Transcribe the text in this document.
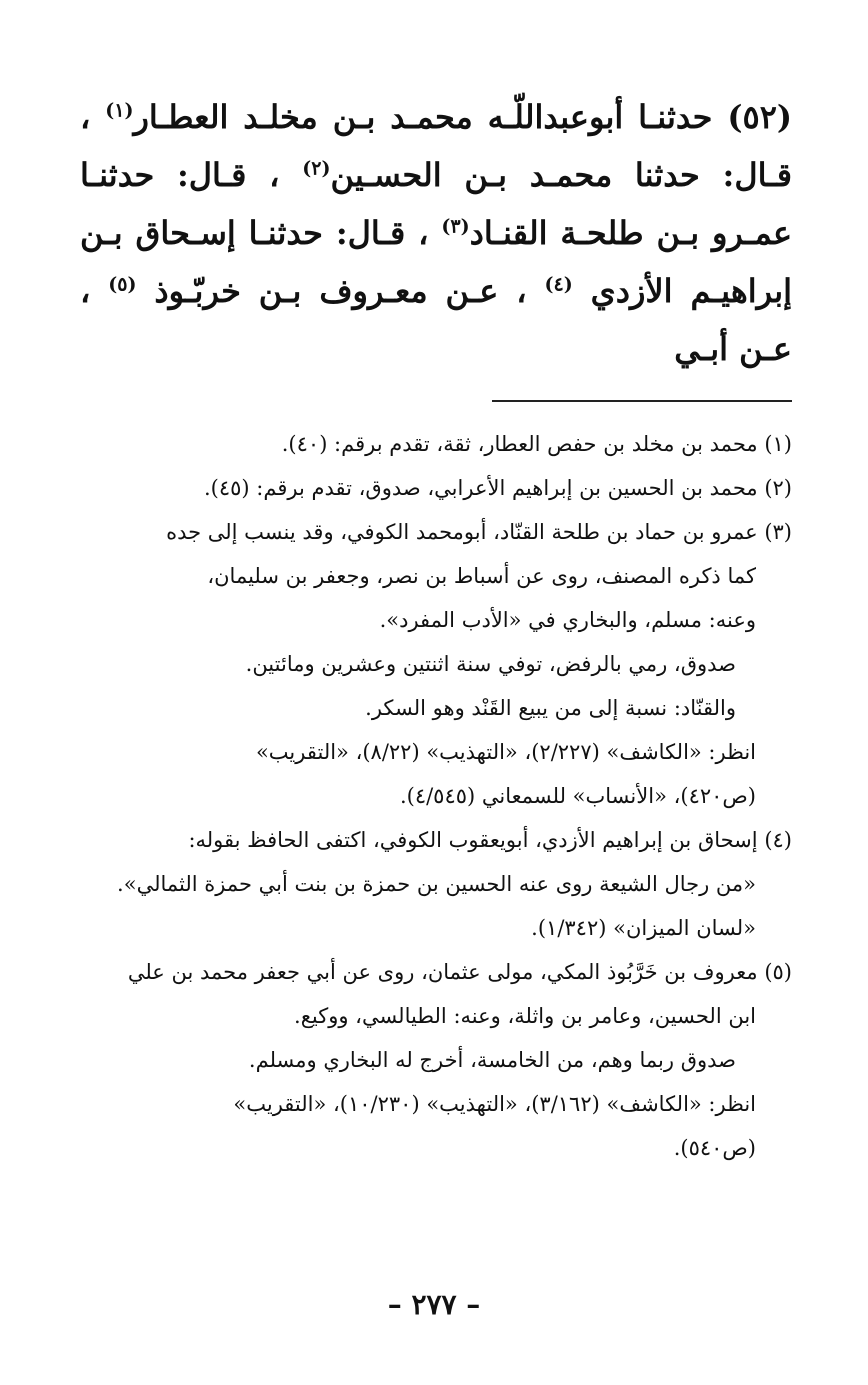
(٥٢) حدثنـا أبوعبداللّـه محمـد بـن مخلـد العطـار$^{(١)}$ ، قـال: حدثنا محمـد بـن الحسـين$^{(٢)}$ ، قـال: حدثنـا عمـرو بـن طلحـة القنـاد$^{(٣)}$ ، قـال: حدثنـا إسـحاق بـن إبراهيـم الأزدي $^{(٤)}$ ، عـن معـروف بـن خربّـوذ $^{(٥)}$ ، عـن أبـي

(١) محمد بن مخلد بن حفص العطار، ثقة، تقدم برقم: (٤٠).
(٢) محمد بن الحسين بن إبراهيم الأعرابي، صدوق، تقدم برقم: (٤٥).
(٣) عمرو بن حماد بن طلحة القنّاد، أبومحمد الكوفي، وقد ينسب إلى جده
كما ذكره المصنف، روى عن أسباط بن نصر، وجعفر بن سليمان،
وعنه: مسلم، والبخاري في «الأدب المفرد».
صدوق، رمي بالرفض، توفي سنة اثنتين وعشرين ومائتين.
والقنّاد: نسبة إلى من يبيع القَنْد وهو السكر.
انظر: «الكاشف» (٢/٢٢٧)، «التهذيب» (٨/٢٢)، «التقريب»
(ص٤٢٠)، «الأنساب» للسمعاني (٤/٥٤٥).
(٤) إسحاق بن إبراهيم الأزدي، أبويعقوب الكوفي، اكتفى الحافظ بقوله:
«من رجال الشيعة روى عنه الحسين بن حمزة بن بنت أبي حمزة الثمالي».
«لسان الميزان» (١/٣٤٢).
(٥) معروف بن خَرَّبُوذ المكي، مولى عثمان، روى عن أبي جعفر محمد بن علي
ابن الحسين، وعامر بن واثلة، وعنه: الطيالسي، ووكيع.
صدوق ربما وهم، من الخامسة، أخرج له البخاري ومسلم.
انظر: «الكاشف» (٣/١٦٢)، «التهذيب» (١٠/٢٣٠)، «التقريب»
(ص٥٤٠).
– ٢٧٧ –
